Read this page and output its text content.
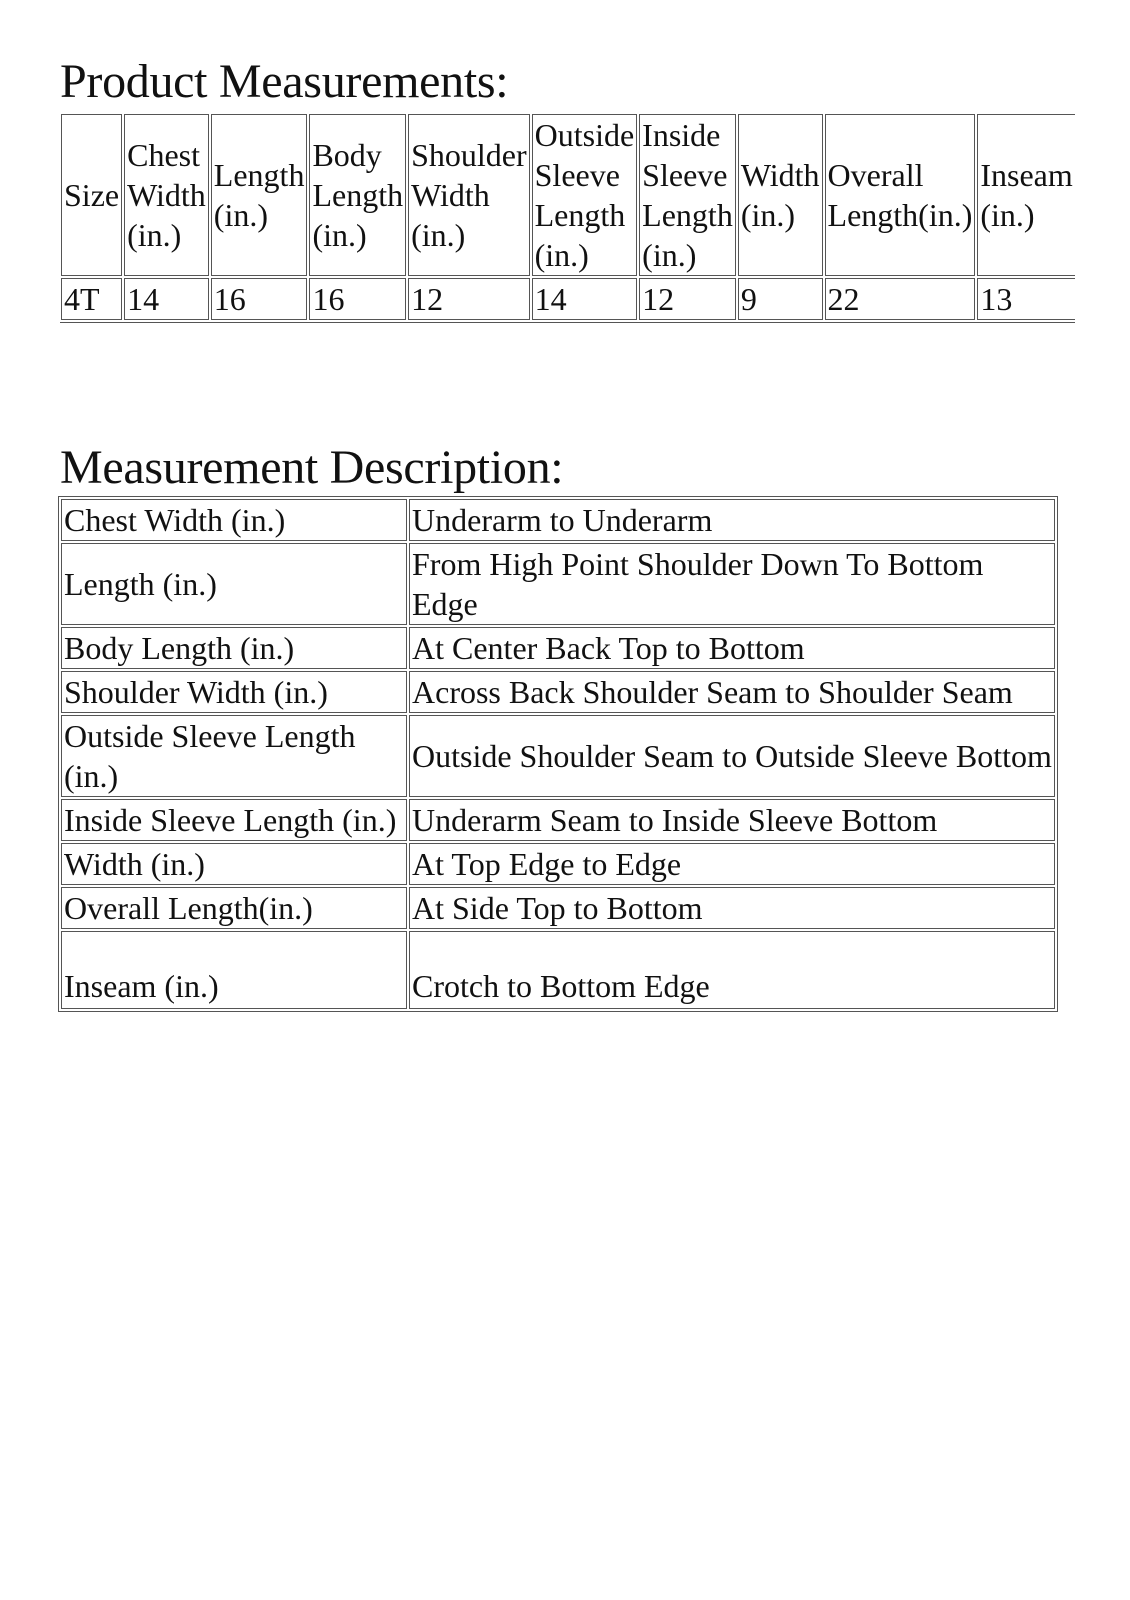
Product Measurements:
Size	Chest
Width
(in.)	Length
(in.)	Body
Length
(in.)	Shoulder
Width
(in.)	Outside
Sleeve
Length
(in.)	Inside
Sleeve
Length
(in.)	Width
(in.)	Overall
Length(in.)	Inseam
(in.)
4T	14	16	16	12	14	12	9	22	13
Measurement Description:
Chest Width (in.)	Underarm to Underarm
Length (in.)	From High Point Shoulder Down To Bottom Edge
Body Length (in.)	At Center Back Top to Bottom
Shoulder Width (in.)	Across Back Shoulder Seam to Shoulder Seam
Outside Sleeve Length (in.)	Outside Shoulder Seam to Outside Sleeve Bottom
Inside Sleeve Length (in.)	Underarm Seam to Inside Sleeve Bottom
Width (in.)	At Top Edge to Edge
Overall Length(in.)	At Side Top to Bottom
Inseam (in.)	Crotch to Bottom Edge
